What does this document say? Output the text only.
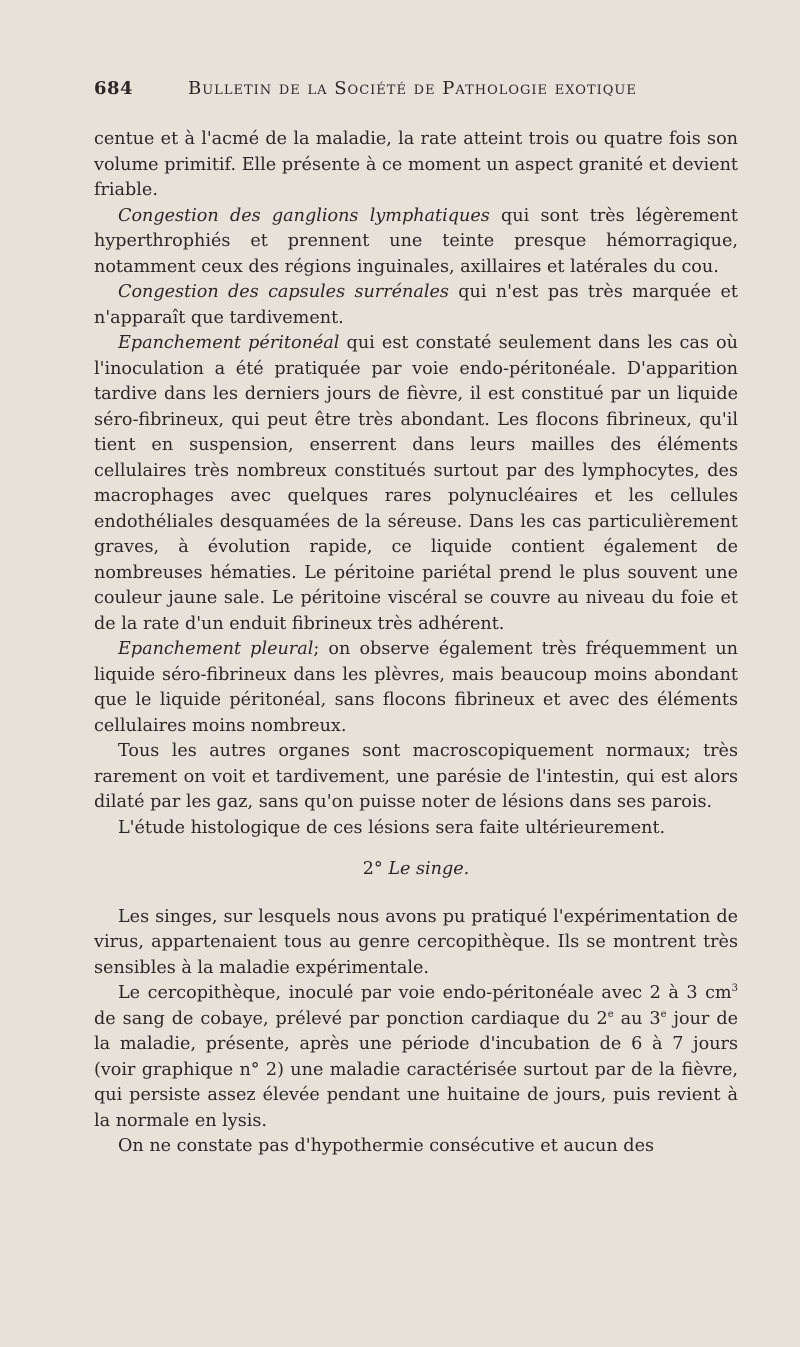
684	Bulletin de la Société de Pathologie exotique

centue et à l'acmé de la maladie, la rate atteint trois ou quatre fois son volume primitif. Elle présente à ce moment un aspect granité et devient friable.

Congestion des ganglions lymphatiques qui sont très légèrement hyperthrophiés et prennent une teinte presque hémorragique, notamment ceux des régions inguinales, axillaires et latérales du cou.

Congestion des capsules surrénales qui n'est pas très marquée et n'apparaît que tardivement.

Epanchement péritonéal qui est constaté seulement dans les cas où l'inoculation a été pratiquée par voie endo-péritonéale. D'apparition tardive dans les derniers jours de fièvre, il est constitué par un liquide séro-fibrineux, qui peut être très abondant. Les flocons fibrineux, qu'il tient en suspension, enserrent dans leurs mailles des éléments cellulaires très nombreux constitués surtout par des lymphocytes, des macrophages avec quelques rares polynucléaires et les cellules endothéliales desquamées de la séreuse. Dans les cas particulièrement graves, à évolution rapide, ce liquide contient également de nombreuses hématies. Le péritoine pariétal prend le plus souvent une couleur jaune sale. Le péritoine viscéral se couvre au niveau du foie et de la rate d'un enduit fibrineux très adhérent.

Epanchement pleural; on observe également très fréquemment un liquide séro-fibrineux dans les plèvres, mais beaucoup moins abondant que le liquide péritonéal, sans flocons fibrineux et avec des éléments cellulaires moins nombreux.

Tous les autres organes sont macroscopiquement normaux; très rarement on voit et tardivement, une parésie de l'intestin, qui est alors dilaté par les gaz, sans qu'on puisse noter de lésions dans ses parois.

L'étude histologique de ces lésions sera faite ultérieurement.

2° Le singe.

Les singes, sur lesquels nous avons pu pratiqué l'expérimentation de virus, appartenaient tous au genre cercopithèque. Ils se montrent très sensibles à la maladie expérimentale.

Le cercopithèque, inoculé par voie endo-péritonéale avec 2 à 3 $cm^3$ de sang de cobaye, prélevé par ponction cardiaque du 2e au 3e jour de la maladie, présente, après une période d'incubation de 6 à 7 jours (voir graphique n° 2) une maladie caractérisée surtout par de la fièvre, qui persiste assez élevée pendant une huitaine de jours, puis revient à la normale en lysis.

On ne constate pas d'hypothermie consécutive et aucun des
